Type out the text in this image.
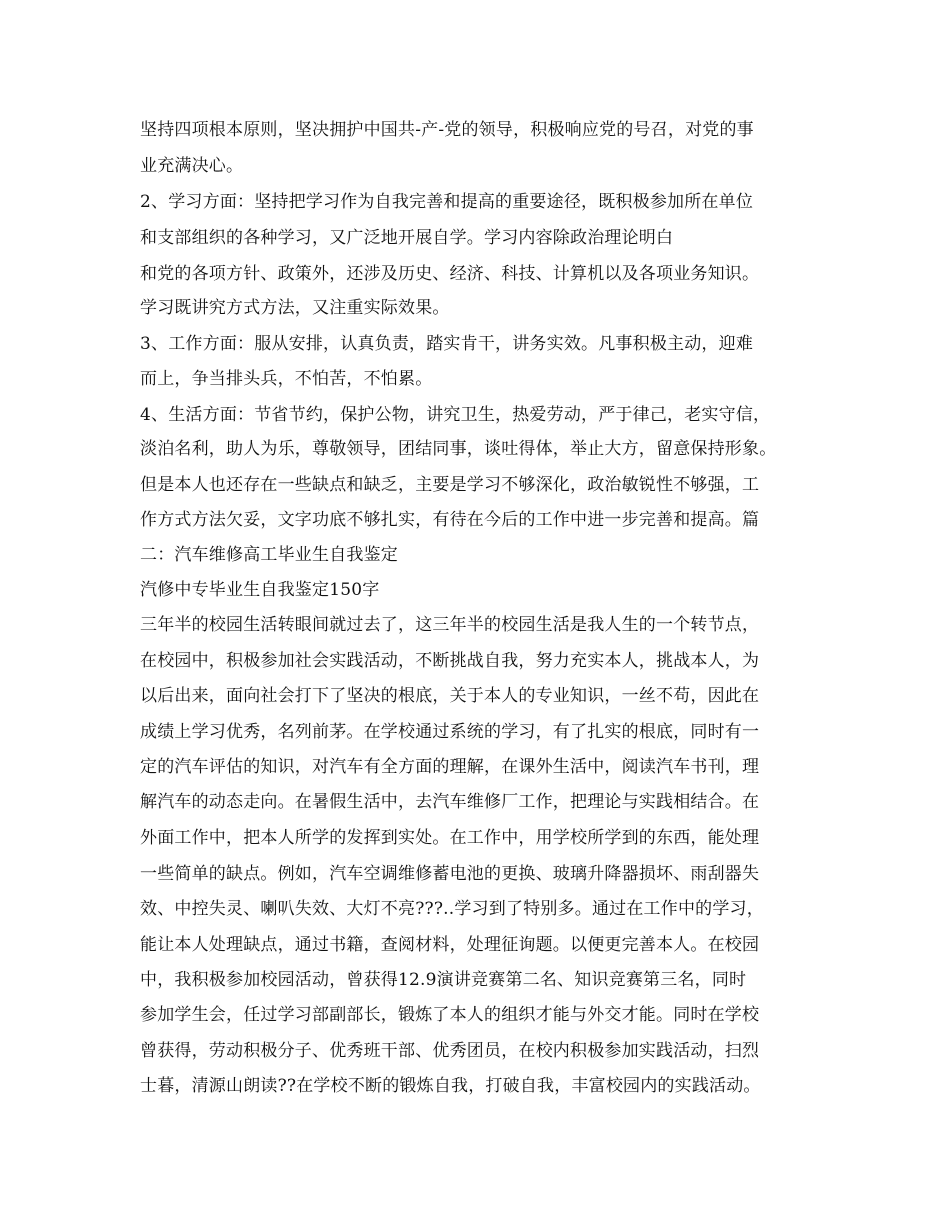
坚持四项根本原则，坚决拥护中国共-产-党的领导，积极响应党的号召，对党的事

业充满决心。

2、学习方面：坚持把学习作为自我完善和提高的重要途径，既积极参加所在单位

和支部组织的各种学习，又广泛地开展自学。学习内容除政治理论明白

和党的各项方针、政策外，还涉及历史、经济、科技、计算机以及各项业务知识。

学习既讲究方式方法，又注重实际效果。

3、工作方面：服从安排，认真负责，踏实肯干，讲务实效。凡事积极主动，迎难

而上，争当排头兵，不怕苦，不怕累。

4、生活方面：节省节约，保护公物，讲究卫生，热爱劳动，严于律己，老实守信，

淡泊名利，助人为乐，尊敬领导，团结同事，谈吐得体，举止大方，留意保持形象。

但是本人也还存在一些缺点和缺乏，主要是学习不够深化，政治敏锐性不够强，工

作方式方法欠妥，文字功底不够扎实，有待在今后的工作中进一步完善和提高。篇

二：汽车维修高工毕业生自我鉴定

汽修中专毕业生自我鉴定150字

三年半的校园生活转眼间就过去了，这三年半的校园生活是我人生的一个转节点，

在校园中，积极参加社会实践活动，不断挑战自我，努力充实本人，挑战本人，为

以后出来，面向社会打下了坚决的根底，关于本人的专业知识，一丝不苟，因此在

成绩上学习优秀，名列前茅。在学校通过系统的学习，有了扎实的根底，同时有一

定的汽车评估的知识，对汽车有全方面的理解，在课外生活中，阅读汽车书刊，理

解汽车的动态走向。在暑假生活中，去汽车维修厂工作，把理论与实践相结合。在

外面工作中，把本人所学的发挥到实处。在工作中，用学校所学到的东西，能处理

一些简单的缺点。例如，汽车空调维修蓄电池的更换、玻璃升降器损坏、雨刮器失

效、中控失灵、喇叭失效、大灯不亮???..学习到了特别多。通过在工作中的学习，

能让本人处理缺点，通过书籍，查阅材料，处理征询题。以便更完善本人。在校园

中，我积极参加校园活动，曾获得12.9演讲竞赛第二名、知识竞赛第三名，同时

参加学生会，任过学习部副部长，锻炼了本人的组织才能与外交才能。同时在学校

曾获得，劳动积极分子、优秀班干部、优秀团员，在校内积极参加实践活动，扫烈

士暮，清源山朗读??在学校不断的锻炼自我，打破自我，丰富校园内的实践活动。
